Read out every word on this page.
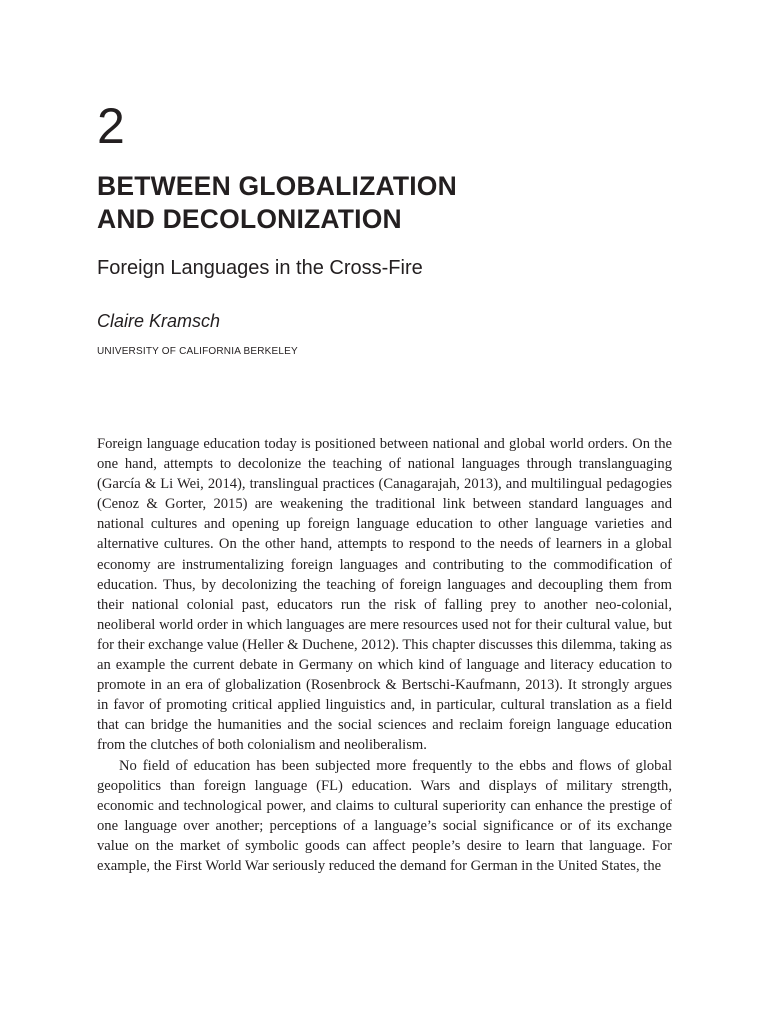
2
BETWEEN GLOBALIZATION
AND DECOLONIZATION
Foreign Languages in the Cross-Fire

Claire Kramsch

UNIVERSITY OF CALIFORNIA BERKELEY

Foreign language education today is positioned between national and global world orders. On the one hand, attempts to decolonize the teaching of national languages through translanguaging (García & Li Wei, 2014), translingual practices (Canagarajah, 2013), and multilingual pedagogies (Cenoz & Gorter, 2015) are weakening the traditional link between standard languages and national cultures and opening up foreign language education to other language varieties and alternative cultures. On the other hand, attempts to respond to the needs of learners in a global economy are instrumentalizing foreign languages and contributing to the commodification of education. Thus, by decolonizing the teaching of foreign languages and decoupling them from their national colonial past, educators run the risk of falling prey to another neo-colonial, neoliberal world order in which languages are mere resources used not for their cultural value, but for their exchange value (Heller & Duchene, 2012). This chapter discusses this dilemma, taking as an example the current debate in Germany on which kind of language and literacy education to promote in an era of globalization (Rosenbrock & Bertschi-Kaufmann, 2013). It strongly argues in favor of promoting critical applied linguistics and, in particular, cultural translation as a field that can bridge the humanities and the social sciences and reclaim foreign language education from the clutches of both colonialism and neoliberalism.

No field of education has been subjected more frequently to the ebbs and flows of global geopolitics than foreign language (FL) education. Wars and displays of military strength, economic and technological power, and claims to cultural superiority can enhance the prestige of one language over another; perceptions of a language’s social significance or of its exchange value on the market of symbolic goods can affect people’s desire to learn that language. For example, the First World War seriously reduced the demand for German in the United States, the
